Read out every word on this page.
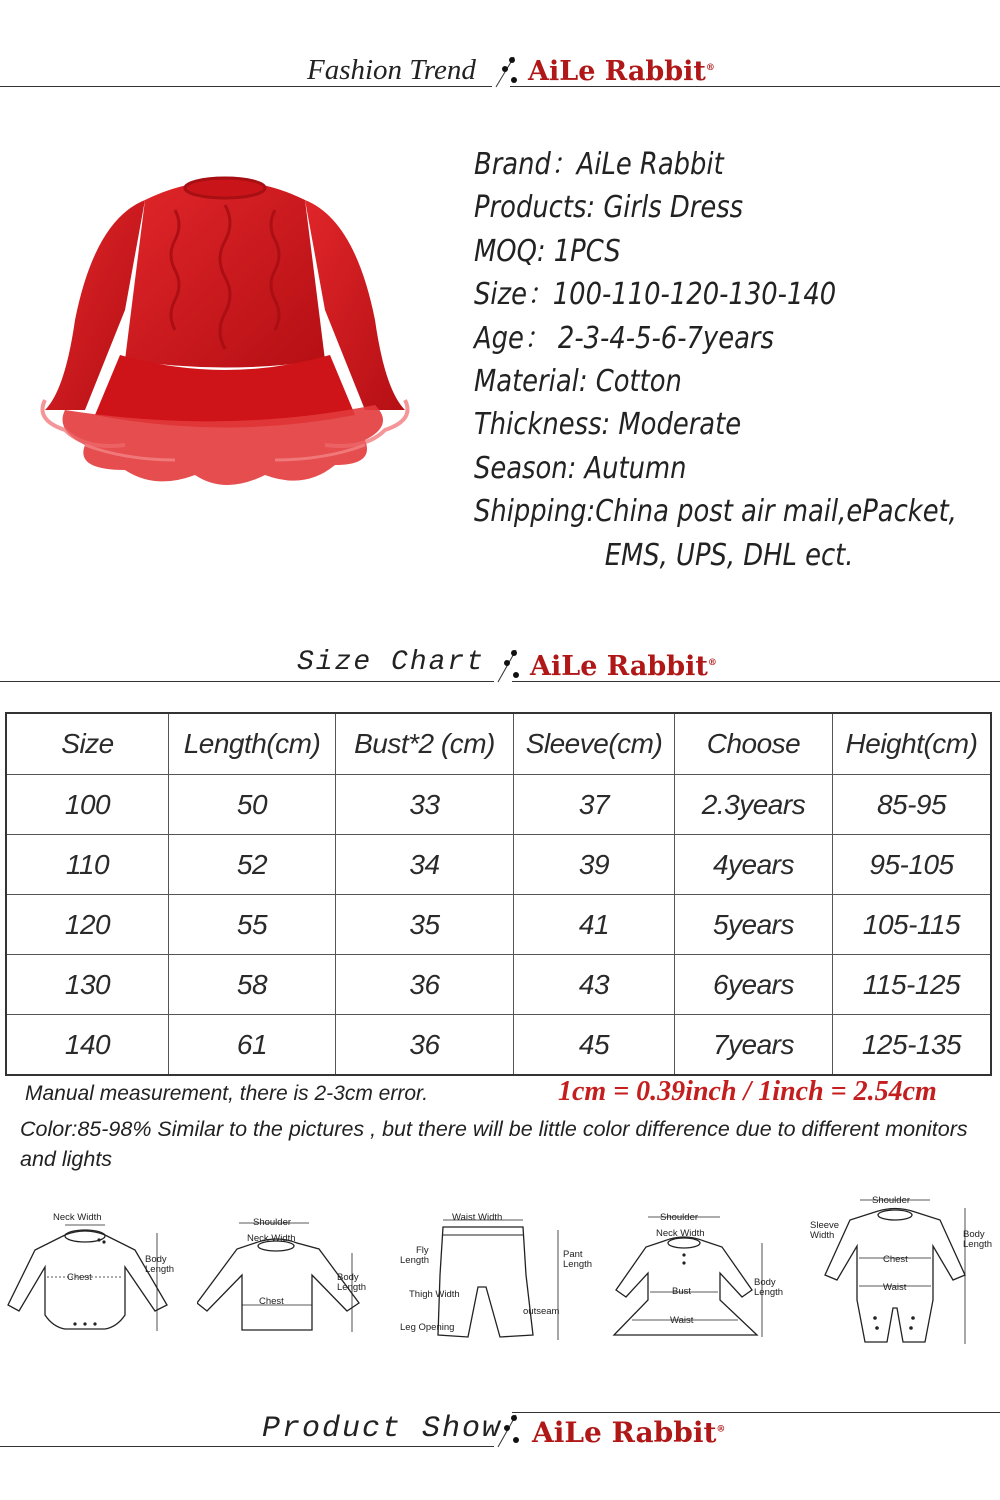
Fashion Trend AiLe Rabbit®
Brand：AiLe Rabbit
Products: Girls Dress
MOQ: 1PCS
Size：100-110-120-130-140
Age： 2-3-4-5-6-7years
Material: Cotton
Thickness: Moderate
Season: Autumn
Shipping:China post air mail,ePacket,
EMS, UPS, DHL ect.
Size Chart AiLe Rabbit®
Size	Length(cm)	Bust*2 (cm)	Sleeve(cm)	Choose	Height(cm)
100	50	33	37	2.3years	85-95
110	52	34	39	4years	95-105
120	55	35	41	5years	105-115
130	58	36	43	6years	115-125
140	61	36	45	7years	125-135
Manual measurement, there is 2-3cm error.	1cm = 0.39inch / 1inch = 2.54cm
Color:85-98% Similar to the pictures , but there will be little color difference due to different monitors and lights
Neck Width
Chest
Body
Length
Shoulder
Neck Width
Chest
Body
Length
Waist Width
Fly
Length
Pant
Length
Thigh Width
outseam
Leg Opening
Shoulder
Neck Width
Bust
Waist
Body
Length
Shoulder
Sleeve
Width
Chest
Waist
Body
Length
Product Show AiLe Rabbit®
